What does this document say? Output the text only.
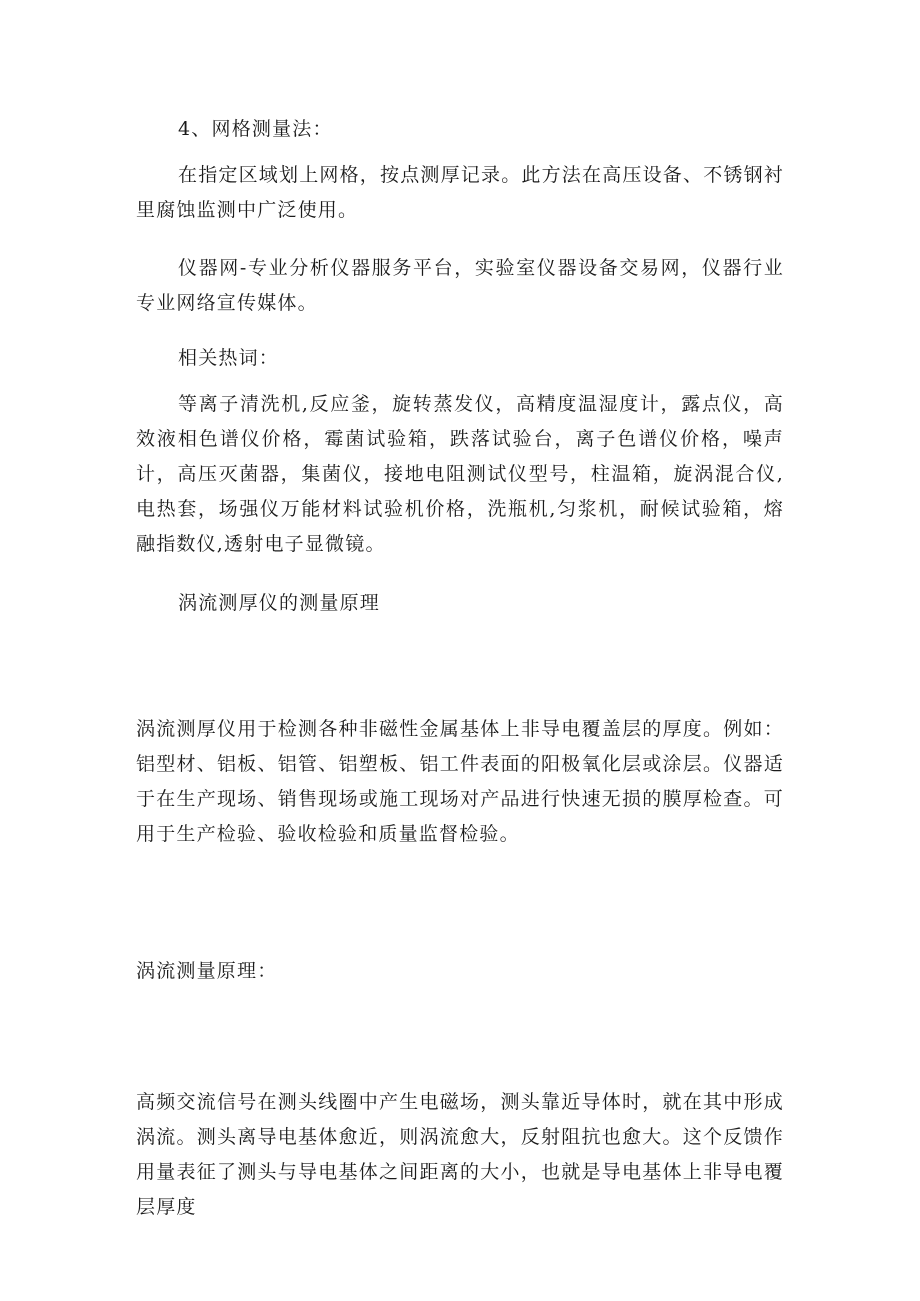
4、网格测量法：

在指定区域划上网格，按点测厚记录。此方法在高压设备、不锈钢衬里腐蚀监测中广泛使用。

仪器网-专业分析仪器服务平台，实验室仪器设备交易网，仪器行业专业网络宣传媒体。

相关热词：

等离子清洗机,反应釜，旋转蒸发仪，高精度温湿度计，露点仪，高效液相色谱仪价格，霉菌试验箱，跌落试验台，离子色谱仪价格，噪声计，高压灭菌器，集菌仪，接地电阻测试仪型号，柱温箱，旋涡混合仪,电热套，场强仪万能材料试验机价格，洗瓶机,匀浆机，耐候试验箱，熔融指数仪,透射电子显微镜。

涡流测厚仪的测量原理

涡流测厚仪用于检测各种非磁性金属基体上非导电覆盖层的厚度。例如：铝型材、铝板、铝管、铝塑板、铝工件表面的阳极氧化层或涂层。仪器适于在生产现场、销售现场或施工现场对产品进行快速无损的膜厚检查。可用于生产检验、验收检验和质量监督检验。

涡流测量原理：

高频交流信号在测头线圈中产生电磁场，测头靠近导体时，就在其中形成涡流。测头离导电基体愈近，则涡流愈大，反射阻抗也愈大。这个反馈作用量表征了测头与导电基体之间距离的大小，也就是导电基体上非导电覆层厚度
